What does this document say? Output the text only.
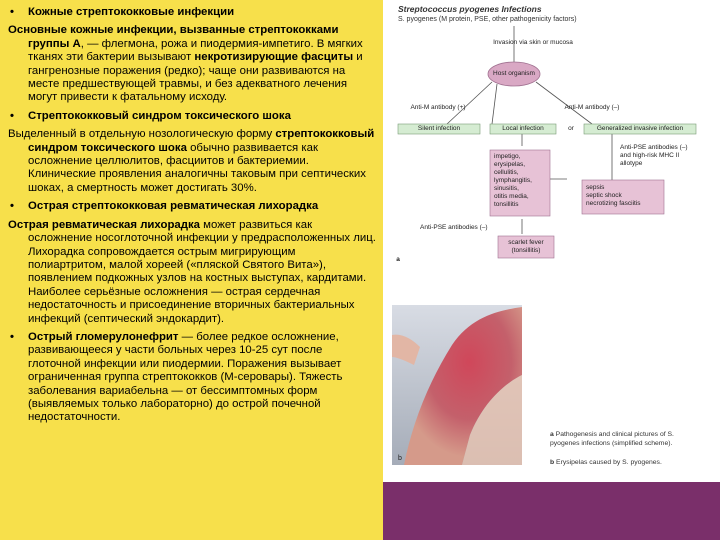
• Кожные стрептококковые инфекции

Основные кожные инфекции, вызванные стрептококками группы А, — флегмона, рожа и пиодермия-импетиго. В мягких тканях эти бактерии вызывают некротизирующие фасциты и гангренозные поражения (редко); чаще они развиваются на месте предшествующей травмы, и без адекватного лечения могут привести к фатальному исходу.

• Стрептококковый синдром токсического шока

Выделенный в отдельную нозологическую форму стрептококковый синдром токсического шока обычно развивается как осложнение целлюлитов, фасциитов и бактериемии. Клинические проявления аналогичны таковым при септических шоках, а смертность может достигать 30%.

• Острая стрептококковая ревматическая лихорадка

Острая ревматическая лихорадка может развиться как осложнение носоглоточной инфекции у предрасположенных лиц. Лихорадка сопровождается острым мигрирующим полиартритом, малой хореей («пляской Святого Вита»), появлением подкожных узлов на костных выступах, кардитами. Наиболее серьёзные осложнения — острая сердечная недостаточность и присоединение вторичных бактериальных инфекций (септический эндокардит).

• Острый гломерулонефрит — более редкое осложнение, развивающееся у части больных через 10-25 сут после глоточной инфекции или пиодермии. Поражения вызывает ограниченная группа стрептококков (М-серовары). Тяжесть заболевания вариабельна — от бессимптомных форм (выявляемых только лабораторно) до острой почечной недостаточности.

Streptococcus pyogenes Infections
S. pyogenes (M protein, PSE, other pathogenicity factors)
Invasion via skin or mucosa
Host organism
Anti-M antibody (+)	Anti-M antibody (–)
Silent infection	Local infection	or	Generalized invasive infection
impetigo,
erysipelas,
cellulitis,
lymphangitis,
sinusitis,
otitis media,
tonsillitis
Anti-PSE antibodies (–) and high-risk MHC II allotype
sepsis
septic shock
necrotizing fasciitis
Anti-PSE antibodies (–)
scarlet fever (tonsillitis)
a
a Pathogenesis and clinical pictures of S. pyogenes infections (simplified scheme).
b Erysipelas caused by S. pyogenes.
b
